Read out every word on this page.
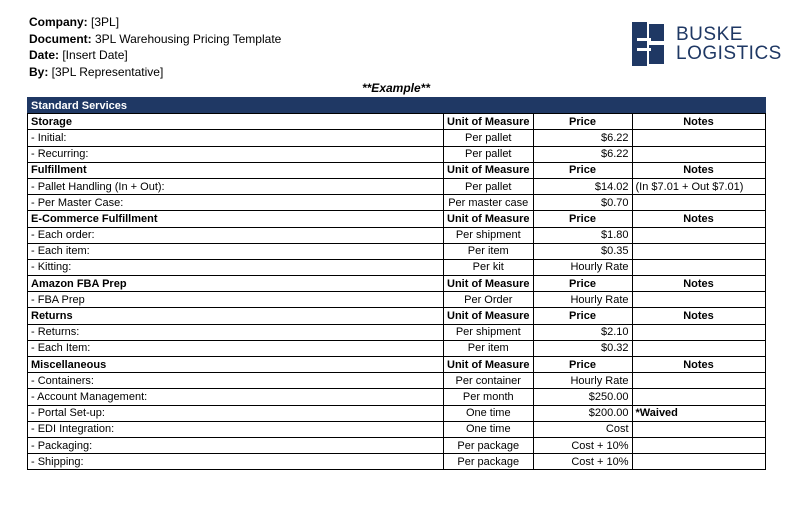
Company: [3PL]
Document: 3PL Warehousing Pricing Template
Date: [Insert Date]
By: [3PL Representative]
BUSKE
LOGISTICS
**Example**
Standard Services			
Storage	Unit of Measure	Price	Notes
- Initial:	Per pallet	$6.22	
- Recurring:	Per pallet	$6.22	
Fulfillment	Unit of Measure	Price	Notes
- Pallet Handling (In + Out):	Per pallet	$14.02	(In $7.01 + Out $7.01)
- Per Master Case:	Per master case	$0.70	
E-Commerce Fulfillment	Unit of Measure	Price	Notes
- Each order:	Per shipment	$1.80	
- Each item:	Per item	$0.35	
- Kitting:	Per kit	Hourly Rate	
Amazon FBA Prep	Unit of Measure	Price	Notes
- FBA Prep	Per Order	Hourly Rate	
Returns	Unit of Measure	Price	Notes
- Returns:	Per shipment	$2.10	
- Each Item:	Per item	$0.32	
Miscellaneous	Unit of Measure	Price	Notes
- Containers:	Per container	Hourly Rate	
- Account Management:	Per month	$250.00	
- Portal Set-up:	One time	$200.00	*Waived
- EDI Integration:	One time	Cost	
- Packaging:	Per package	Cost + 10%	
- Shipping:	Per package	Cost + 10%	
